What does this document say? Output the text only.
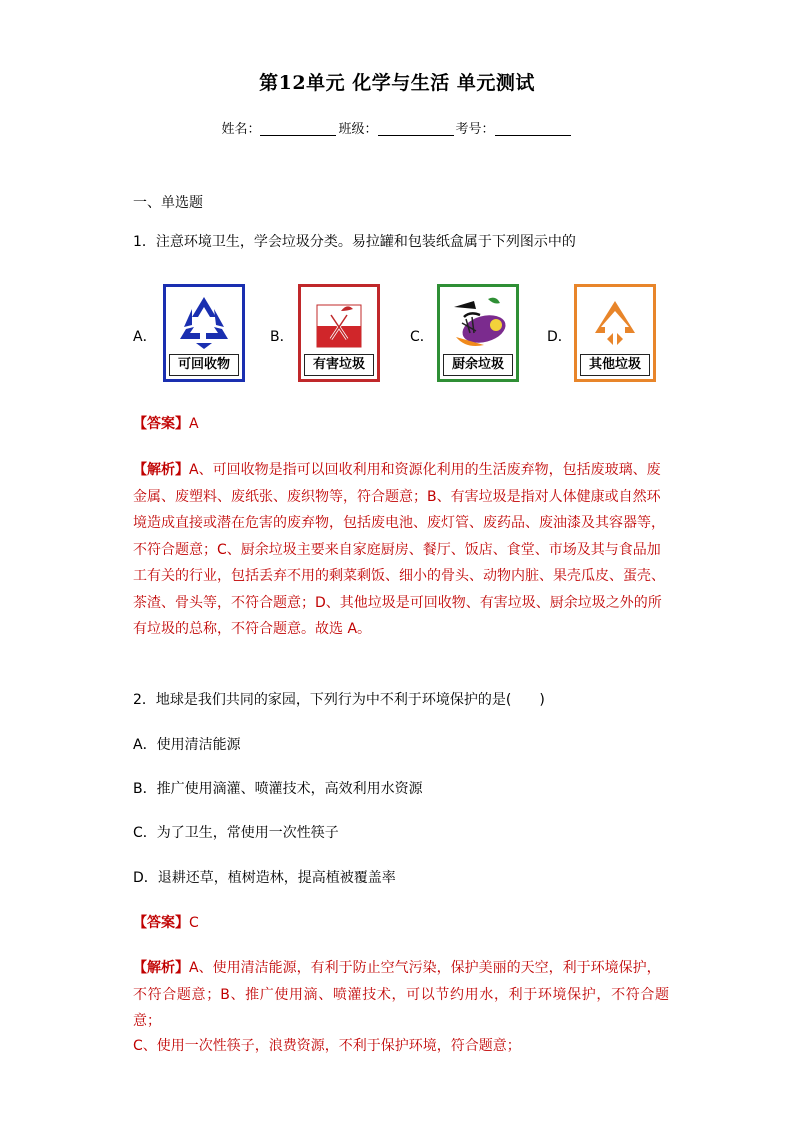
第12单元 化学与生活 单元测试
姓名：	班级：	考号：
一、单选题
1．注意环境卫生，学会垃圾分类。易拉罐和包装纸盒属于下列图示中的
A．
可回收物
B．
有害垃圾
C．
厨余垃圾
D．
其他垃圾
【答案】A
【解析】A、可回收物是指可以回收利用和资源化利用的生活废弃物，包括废玻璃、废
金属、废塑料、废纸张、废织物等，符合题意；B、有害垃圾是指对人体健康或自然环
境造成直接或潜在危害的废弃物，包括废电池、废灯管、废药品、废油漆及其容器等，
不符合题意；C、厨余垃圾主要来自家庭厨房、餐厅、饭店、食堂、市场及其与食品加
工有关的行业，包括丢弃不用的剩菜剩饭、细小的骨头、动物内脏、果壳瓜皮、蛋壳、
茶渣、骨头等，不符合题意；D、其他垃圾是可回收物、有害垃圾、厨余垃圾之外的所
有垃圾的总称，不符合题意。故选 A。
2．地球是我们共同的家园，下列行为中不利于环境保护的是(　　)
A．使用清洁能源
B．推广使用滴灌、喷灌技术，高效利用水资源
C．为了卫生，常使用一次性筷子
D．退耕还草，植树造林，提高植被覆盖率
【答案】C
【解析】A、使用清洁能源，有利于防止空气污染，保护美丽的天空，利于环境保护，
不符合题意；B、推广使用滴、喷灌技术，可以节约用水，利于环境保护，不符合题意；
C、使用一次性筷子，浪费资源，不利于保护环境，符合题意；
